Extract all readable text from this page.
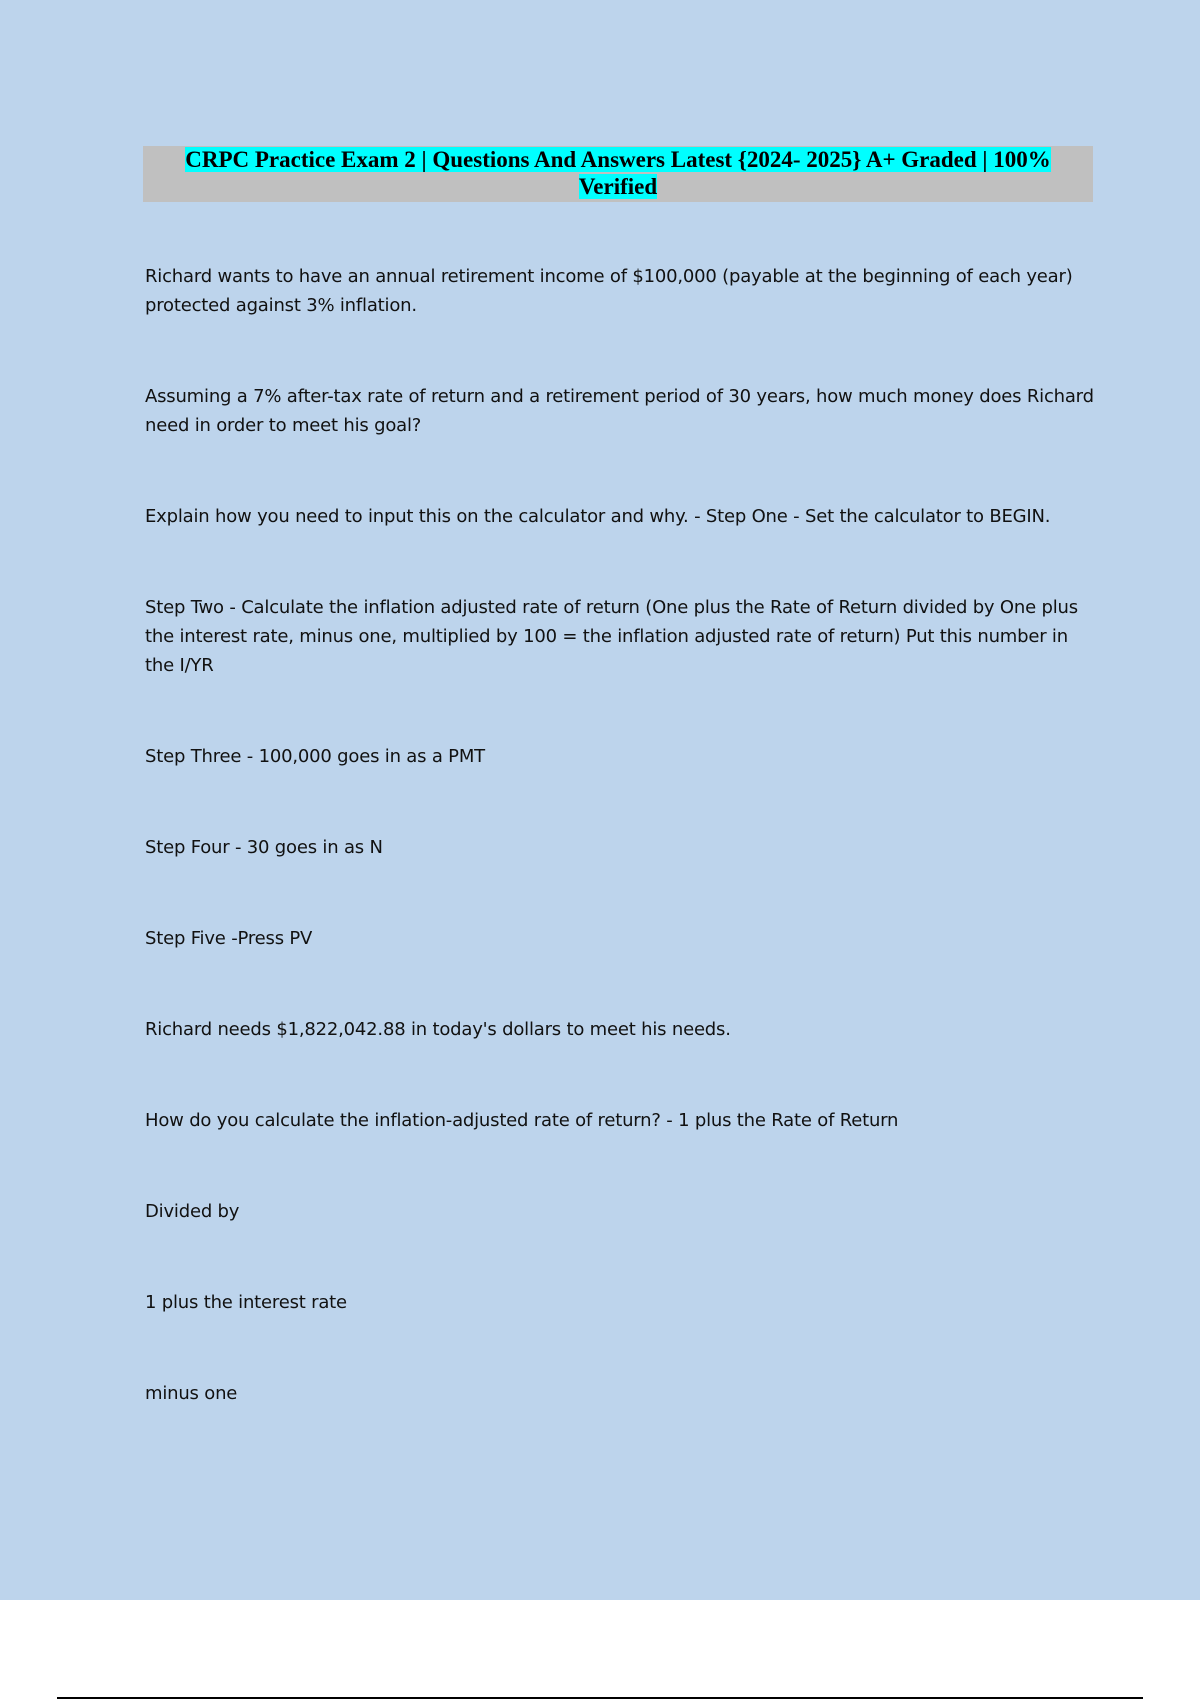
CRPC Practice Exam 2 | Questions And Answers Latest {2024- 2025} A+ Graded | 100%
Verified

Richard wants to have an annual retirement income of $100,000 (payable at the beginning of each year) protected against 3% inflation.

Assuming a 7% after-tax rate of return and a retirement period of 30 years, how much money does Richard need in order to meet his goal?

Explain how you need to input this on the calculator and why. - Step One - Set the calculator to BEGIN.

Step Two - Calculate the inflation adjusted rate of return (One plus the Rate of Return divided by One plus the interest rate, minus one, multiplied by 100 = the inflation adjusted rate of return) Put this number in the I/YR

Step Three - 100,000 goes in as a PMT

Step Four - 30 goes in as N

Step Five -Press PV

Richard needs $1,822,042.88 in today's dollars to meet his needs.

How do you calculate the inflation-adjusted rate of return? - 1 plus the Rate of Return

Divided by

1 plus the interest rate

minus one
